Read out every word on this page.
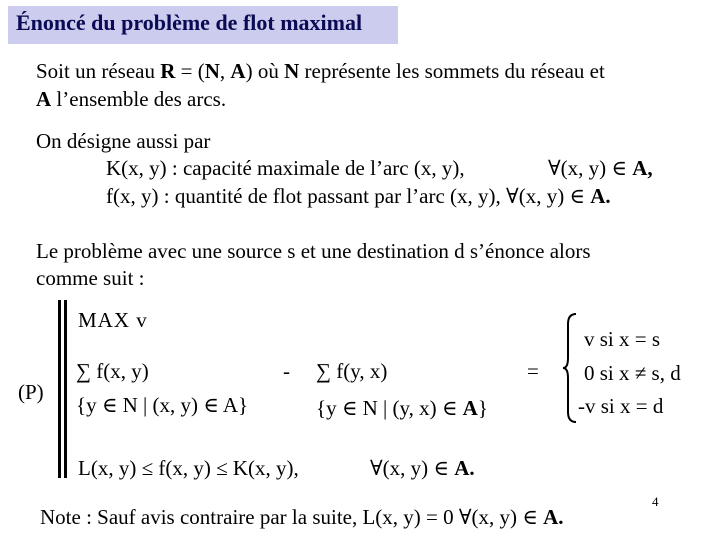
Énoncé du problème de flot maximal
Soit un réseau R = (N, A) où N représente les sommets du réseau et
A l’ensemble des arcs.
On désigne aussi par
K(x, y) : capacité maximale de l’arc (x, y),	∀(x, y) ∈ A,
f(x, y) : quantité de flot passant par l’arc (x, y), ∀(x, y) ∈ A.
Le problème avec une source s et une destination d s’énonce alors
comme suit :
(P)
MAX v
∑ f(x, y)
{y ∈ N | (x, y) ∈ A}
- ∑ f(y, x)
{y ∈ N | (y, x) ∈ A}
=
v si x = s
0 si x ≠ s, d
-v si x = d
L(x, y) ≤ f(x, y) ≤ K(x, y),	∀(x, y) ∈ A.
Note : Sauf avis contraire par la suite, L(x, y) = 0 ∀(x, y) ∈ A.
4
